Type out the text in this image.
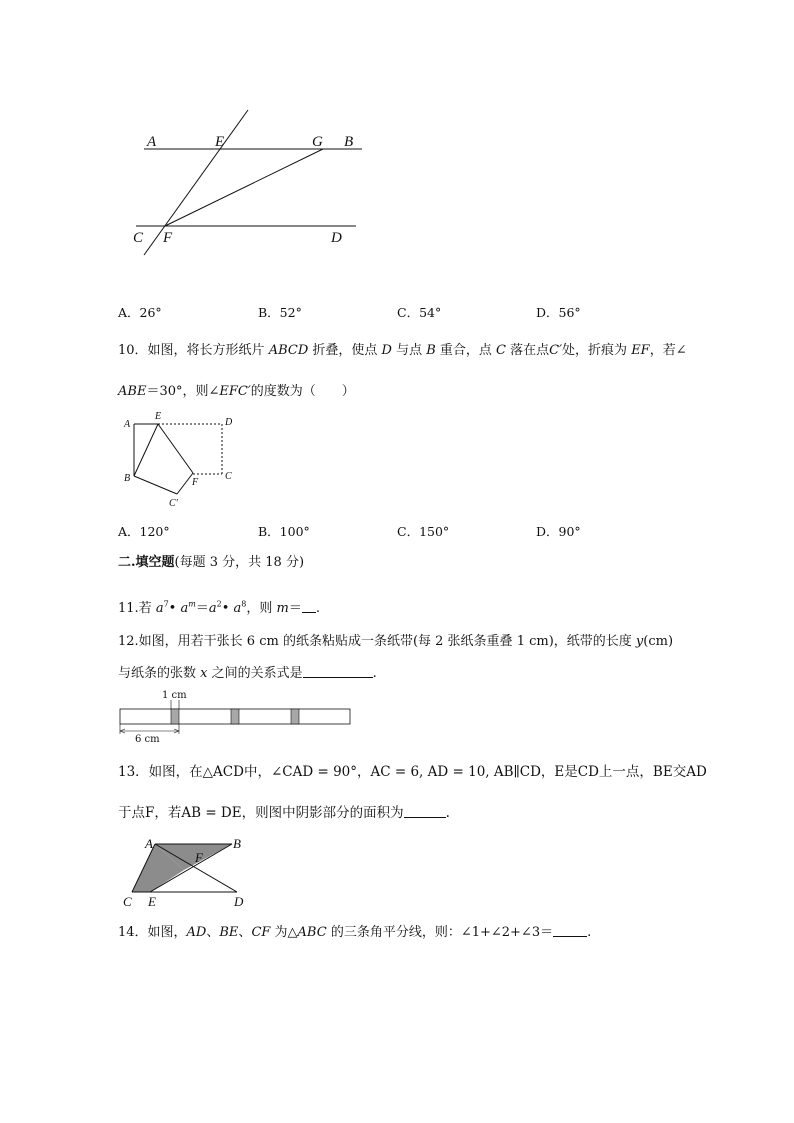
A	E	G B
C F	D
A．26°	B．52°	C．54°	D．56°
10．如图，将长方形纸片 ABCD 折叠，使点 D 与点 B 重合，点 C 落在点C′处，折痕为 EF，若∠
ABE＝30°，则∠EFC′的度数为（　　）
A
E
D
B	F
C
C′
A．120°	B．100°	C．150°	D．90°
二.填空题(每题 3 分，共 18 分)
11.若 $a^7•$ $a^m=a^2•$ $a^8$，则 m＝ .
12.如图，用若干张长 6 cm 的纸条粘贴成一条纸带(每 2 张纸条重叠 1 cm)，纸带的长度 y(cm)
与纸条的张数 x 之间的关系式是	.
1 cm
6 cm
13．如图，在△ACD中，∠CAD = 90°，AC = 6, AD = 10, AB∥CD，E是CD上一点，BE交AD
于点F，若AB = DE，则图中阴影部分的面积为	.
A	B
F
C E	D
14．如图，AD、BE、CF 为△ABC 的三条角平分线，则：∠1+∠2+∠3＝	.
